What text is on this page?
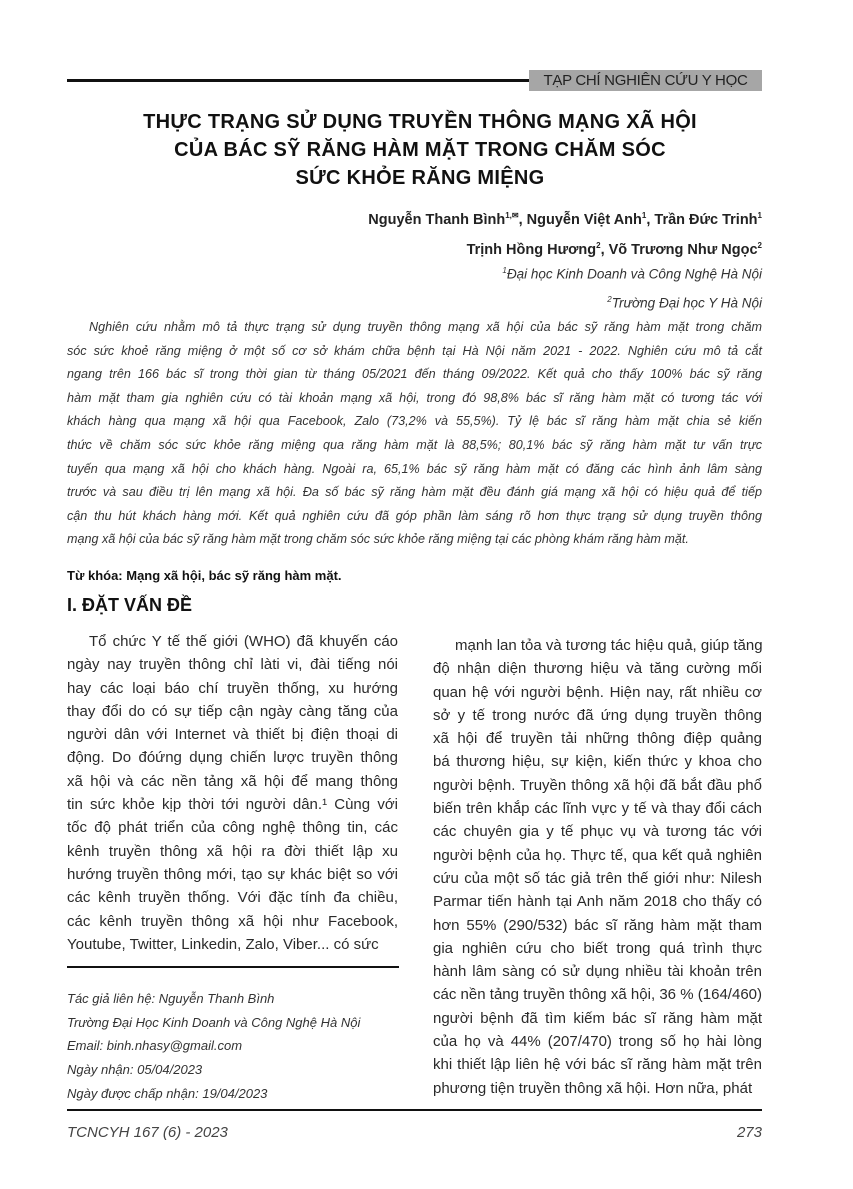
TẠP CHÍ NGHIÊN CỨU Y HỌC
THỰC TRẠNG SỬ DỤNG TRUYỀN THÔNG MẠNG XÃ HỘI
CỦA BÁC SỸ RĂNG HÀM MẶT TRONG CHĂM SÓC
SỨC KHỎE RĂNG MIỆNG
Nguyễn Thanh Bình$^{1,✉}$, Nguyễn Việt Anh$^1$, Trần Đức Trinh$^1$
Trịnh Hồng Hương$^2$, Võ Trương Như Ngọc$^2$
$^1$Đại học Kinh Doanh và Công Nghệ Hà Nội
$^2$Trường Đại học Y Hà Nội
Nghiên cứu nhằm mô tả thực trạng sử dụng truyền thông mạng xã hội của bác sỹ răng hàm mặt trong chăm
sóc sức khoẻ răng miệng ở một số cơ sở khám chữa bệnh tại Hà Nội năm 2021 - 2022. Nghiên cứu mô tả cắt
ngang trên 166 bác sĩ trong thời gian từ tháng 05/2021 đến tháng 09/2022. Kết quả cho thấy 100% bác sỹ răng
hàm mặt tham gia nghiên cứu có tài khoản mạng xã hội, trong đó 98,8% bác sĩ răng hàm mặt có tương tác với
khách hàng qua mạng xã hội qua Facebook, Zalo (73,2% và 55,5%). Tỷ lệ bác sĩ răng hàm mặt chia sẻ kiến
thức về chăm sóc sức khỏe răng miệng qua răng hàm mặt là 88,5%; 80,1% bác sỹ răng hàm mặt tư vấn trực
tuyến qua mạng xã hội cho khách hàng. Ngoài ra, 65,1% bác sỹ răng hàm mặt có đăng các hình ảnh lâm sàng
trước và sau điều trị lên mạng xã hội. Đa số bác sỹ răng hàm mặt đều đánh giá mạng xã hội có hiệu quả để tiếp
cận thu hút khách hàng mới. Kết quả nghiên cứu đã góp phần làm sáng rõ hơn thực trạng sử dụng truyền thông
mạng xã hội của bác sỹ răng hàm mặt trong chăm sóc sức khỏe răng miệng tại các phòng khám răng hàm mặt.
Từ khóa: Mạng xã hội, bác sỹ răng hàm mặt.
I. ĐẶT VẤN ĐỀ
Tổ chức Y tế thế giới (WHO) đã khuyến cáo
ngày nay truyền thông chỉ làti vi, đài tiếng nói
hay các loại báo chí truyền thống, xu hướng
thay đổi do có sự tiếp cận ngày càng tăng của
người dân với Internet và thiết bị điện thoại di
động. Do đóứng dụng chiến lược truyền thông
xã hội và các nền tảng xã hội để mang thông
tin sức khỏe kịp thời tới người dân.¹ Cùng với
tốc độ phát triển của công nghệ thông tin, các
kênh truyền thông xã hội ra đời thiết lập xu
hướng truyền thông mới, tạo sự khác biệt so với
các kênh truyền thống. Với đặc tính đa chiều,
các kênh truyền thông xã hội như Facebook,
Youtube, Twitter, Linkedin, Zalo, Viber... có sức
mạnh lan tỏa và tương tác hiệu quả, giúp tăng
độ nhận diện thương hiệu và tăng cường mối
quan hệ với người bệnh. Hiện nay, rất nhiều cơ
sở y tế trong nước đã ứng dụng truyền thông
xã hội để truyền tải những thông điệp quảng
bá thương hiệu, sự kiện, kiến thức y khoa cho
người bệnh. Truyền thông xã hội đã bắt đầu phổ
biến trên khắp các lĩnh vực y tế và thay đổi cách
các chuyên gia y tế phục vụ và tương tác với
người bệnh của họ. Thực tế, qua kết quả nghiên
cứu của một số tác giả trên thế giới như: Nilesh
Parmar tiến hành tại Anh năm 2018 cho thấy có
hơn 55% (290/532) bác sĩ răng hàm mặt tham
gia nghiên cứu cho biết trong quá trình thực
hành lâm sàng có sử dụng nhiều tài khoản trên
các nền tảng truyền thông xã hội, 36 % (164/460)
người bệnh đã tìm kiếm bác sĩ răng hàm mặt
của họ và 44% (207/470) trong số họ hài lòng
khi thiết lập liên hệ với bác sĩ răng hàm mặt trên
phương tiện truyền thông xã hội. Hơn nữa, phát
Tác giả liên hệ: Nguyễn Thanh Bình
Trường Đại Học Kinh Doanh và Công Nghệ Hà Nội
Email: binh.nhasy@gmail.com
Ngày nhận: 05/04/2023
Ngày được chấp nhận: 19/04/2023
TCNCYH 167 (6) - 2023	273
